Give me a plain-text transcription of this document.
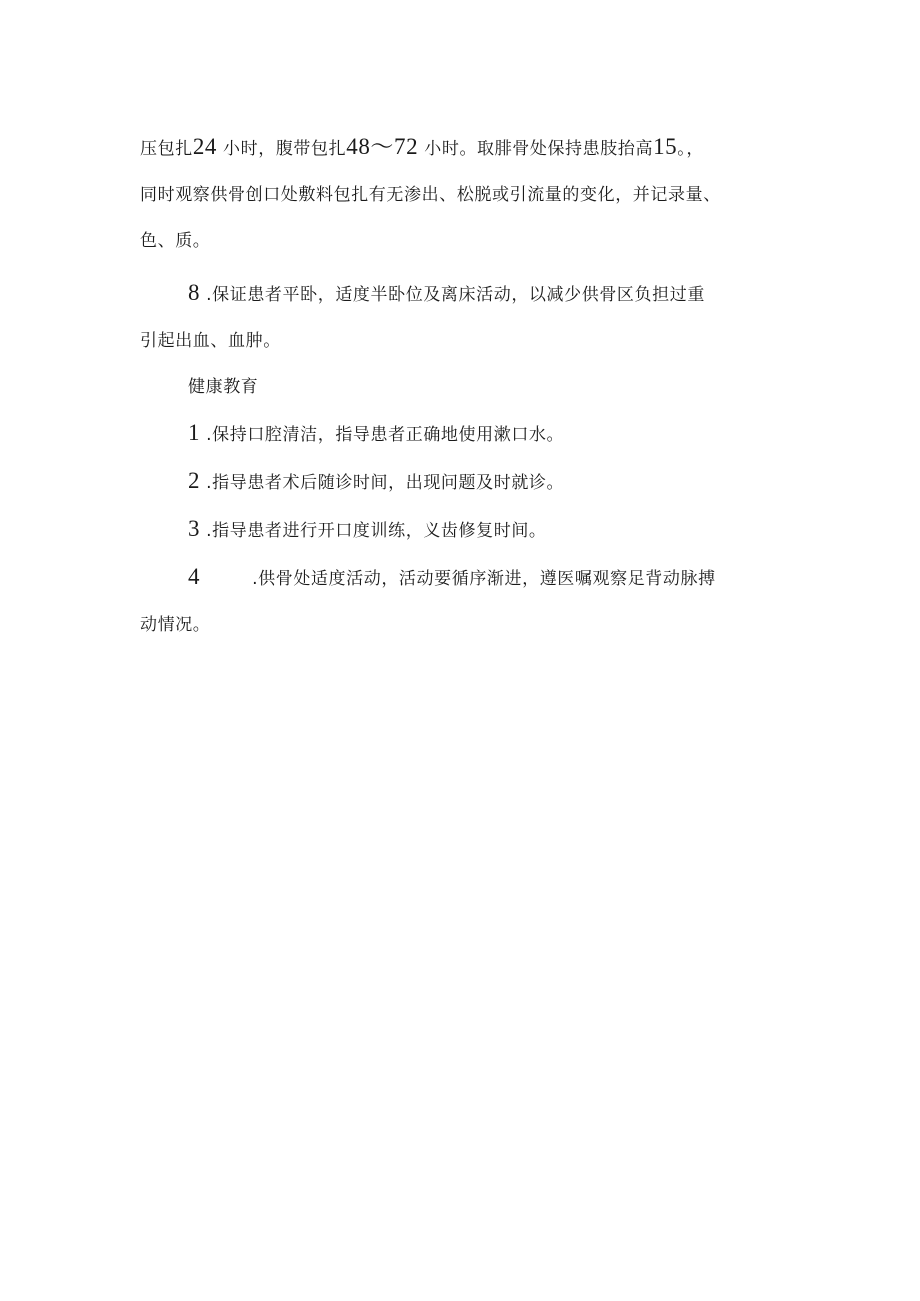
压包扎24 小时，腹带包扎48～72 小时。取腓骨处保持患肢抬高15。，

同时观察供骨创口处敷料包扎有无渗出、松脱或引流量的变化，并记录量、

色、质。

8 .保证患者平卧，适度半卧位及离床活动，以减少供骨区负担过重

引起出血、血肿。

健康教育

1 .保持口腔清洁，指导患者正确地使用漱口水。

2 .指导患者术后随诊时间，出现问题及时就诊。

3 .指导患者进行开口度训练，义齿修复时间。

4	.供骨处适度活动，活动要循序渐进，遵医嘱观察足背动脉搏

动情况。
